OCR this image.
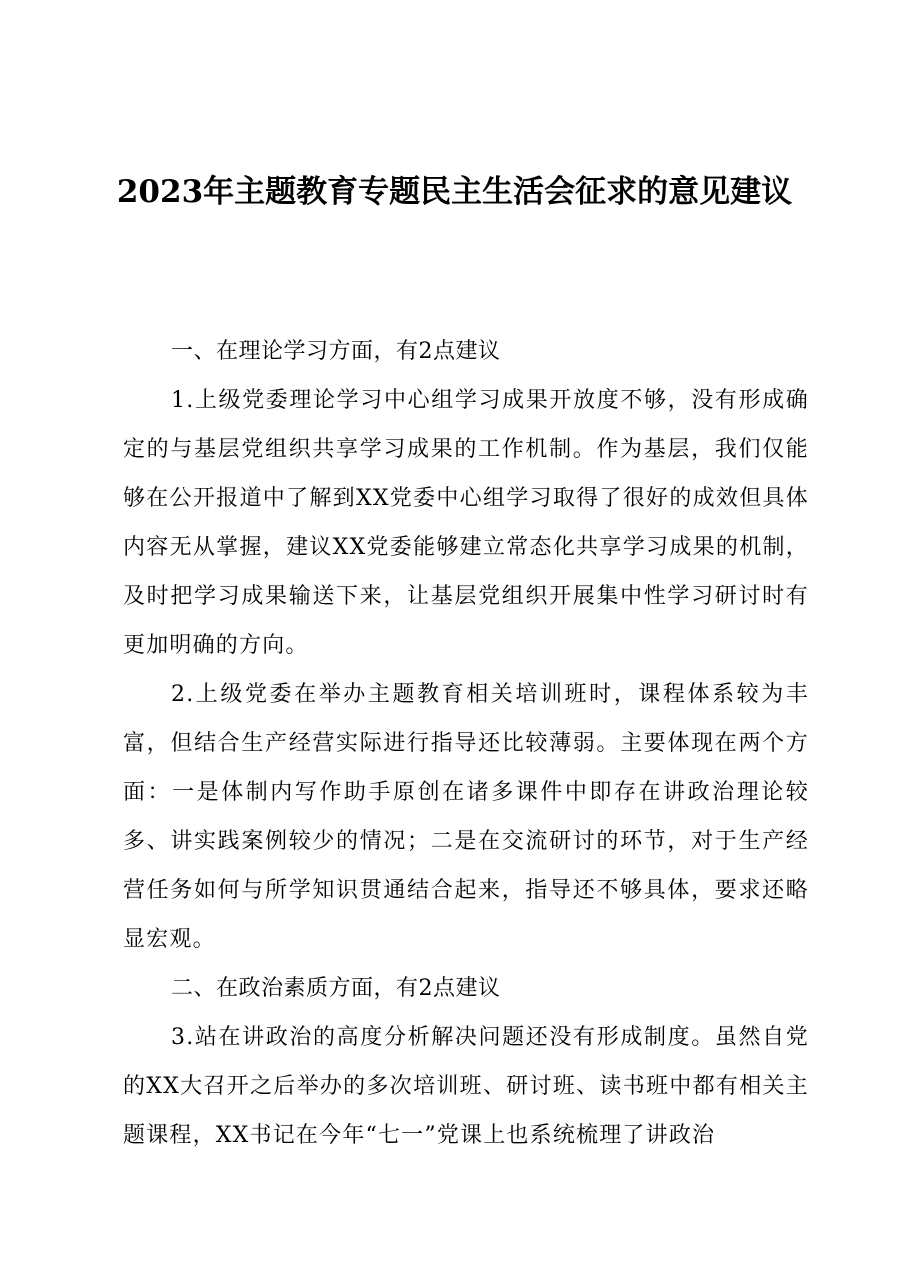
2023年主题教育专题民主生活会征求的意见建议

一、在理论学习方面，有2点建议

1.上级党委理论学习中心组学习成果开放度不够，没有形成确定的与基层党组织共享学习成果的工作机制。作为基层，我们仅能够在公开报道中了解到XX党委中心组学习取得了很好的成效但具体内容无从掌握，建议XX党委能够建立常态化共享学习成果的机制，及时把学习成果输送下来，让基层党组织开展集中性学习研讨时有更加明确的方向。

2.上级党委在举办主题教育相关培训班时，课程体系较为丰富，但结合生产经营实际进行指导还比较薄弱。主要体现在两个方面：一是体制内写作助手原创在诸多课件中即存在讲政治理论较多、讲实践案例较少的情况；二是在交流研讨的环节，对于生产经营任务如何与所学知识贯通结合起来，指导还不够具体，要求还略显宏观。

二、在政治素质方面，有2点建议

3.站在讲政治的高度分析解决问题还没有形成制度。虽然自党的XX大召开之后举办的多次培训班、研讨班、读书班中都有相关主题课程，XX书记在今年“七一”党课上也系统梳理了讲政治
